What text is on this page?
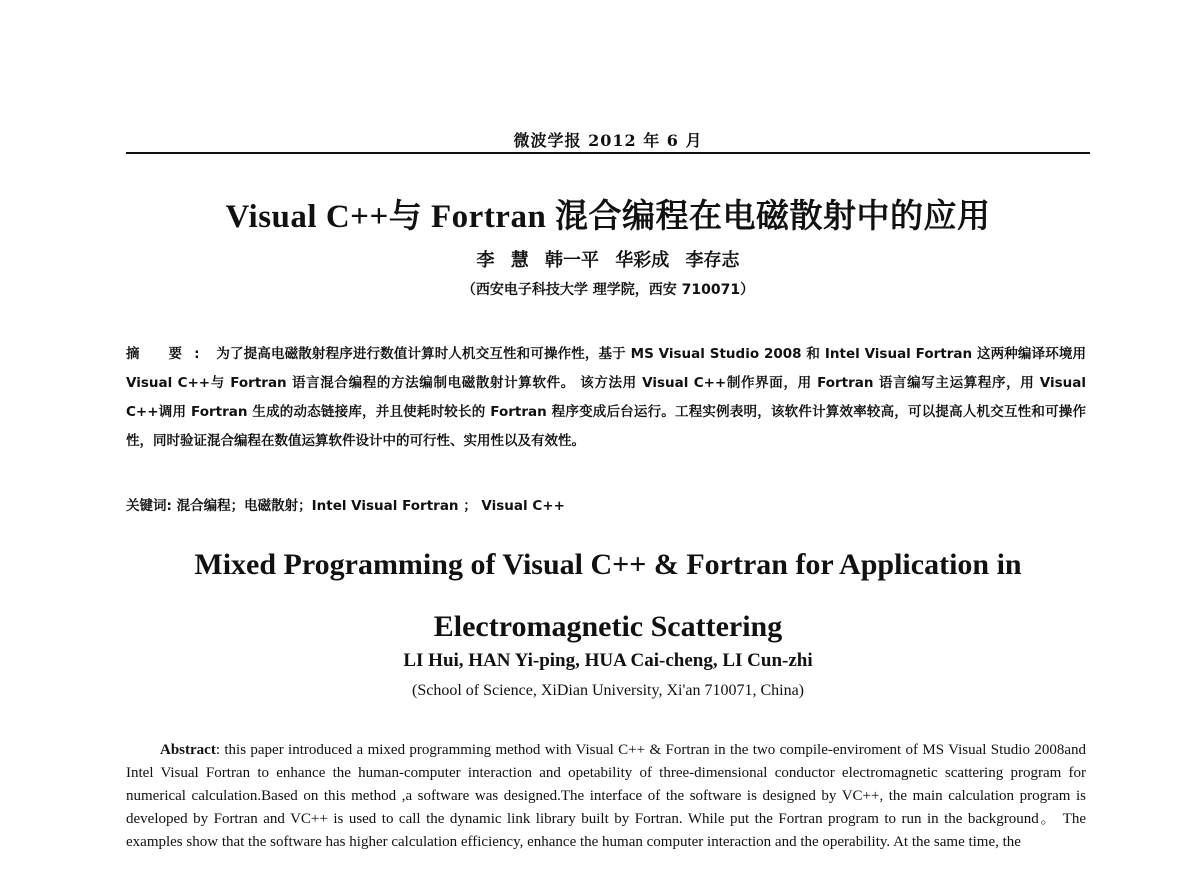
微波学报 2012 年 6 月
Visual C++与 Fortran 混合编程在电磁散射中的应用
李 慧 韩一平 华彩成 李存志
（西安电子科技大学 理学院，西安 710071）
摘 要: 为了提高电磁散射程序进行数值计算时人机交互性和可操作性，基于 MS Visual Studio 2008 和 Intel Visual Fortran 这两种编译环境用 Visual C++与 Fortran 语言混合编程的方法编制电磁散射计算软件。 该方法用 Visual C++制作界面，用 Fortran 语言编写主运算程序，用 Visual C++调用 Fortran 生成的动态链接库，并且使耗时较长的 Fortran 程序变成后台运行。工程实例表明，该软件计算效率较高，可以提高人机交互性和可操作性，同时验证混合编程在数值运算软件设计中的可行性、实用性以及有效性。
关键词: 混合编程；电磁散射；Intel Visual Fortran ； Visual C++
Mixed Programming of Visual C++ & Fortran for Application in Electromagnetic Scattering
LI Hui, HAN Yi-ping, HUA Cai-cheng, LI Cun-zhi
(School of Science, XiDian University, Xi'an 710071, China)
Abstract: this paper introduced a mixed programming method with Visual C++ & Fortran in the two compile-enviroment of MS Visual Studio 2008and Intel Visual Fortran to enhance the human-computer interaction and opetability of three-dimensional conductor electromagnetic scattering program for numerical calculation.Based on this method ,a software was designed.The interface of the software is designed by VC++, the main calculation program is developed by Fortran and VC++ is used to call the dynamic link library built by Fortran. While put the Fortran program to run in the background。 The examples show that the software has higher calculation efficiency, enhance the human computer interaction and the operability. At the same time, the
